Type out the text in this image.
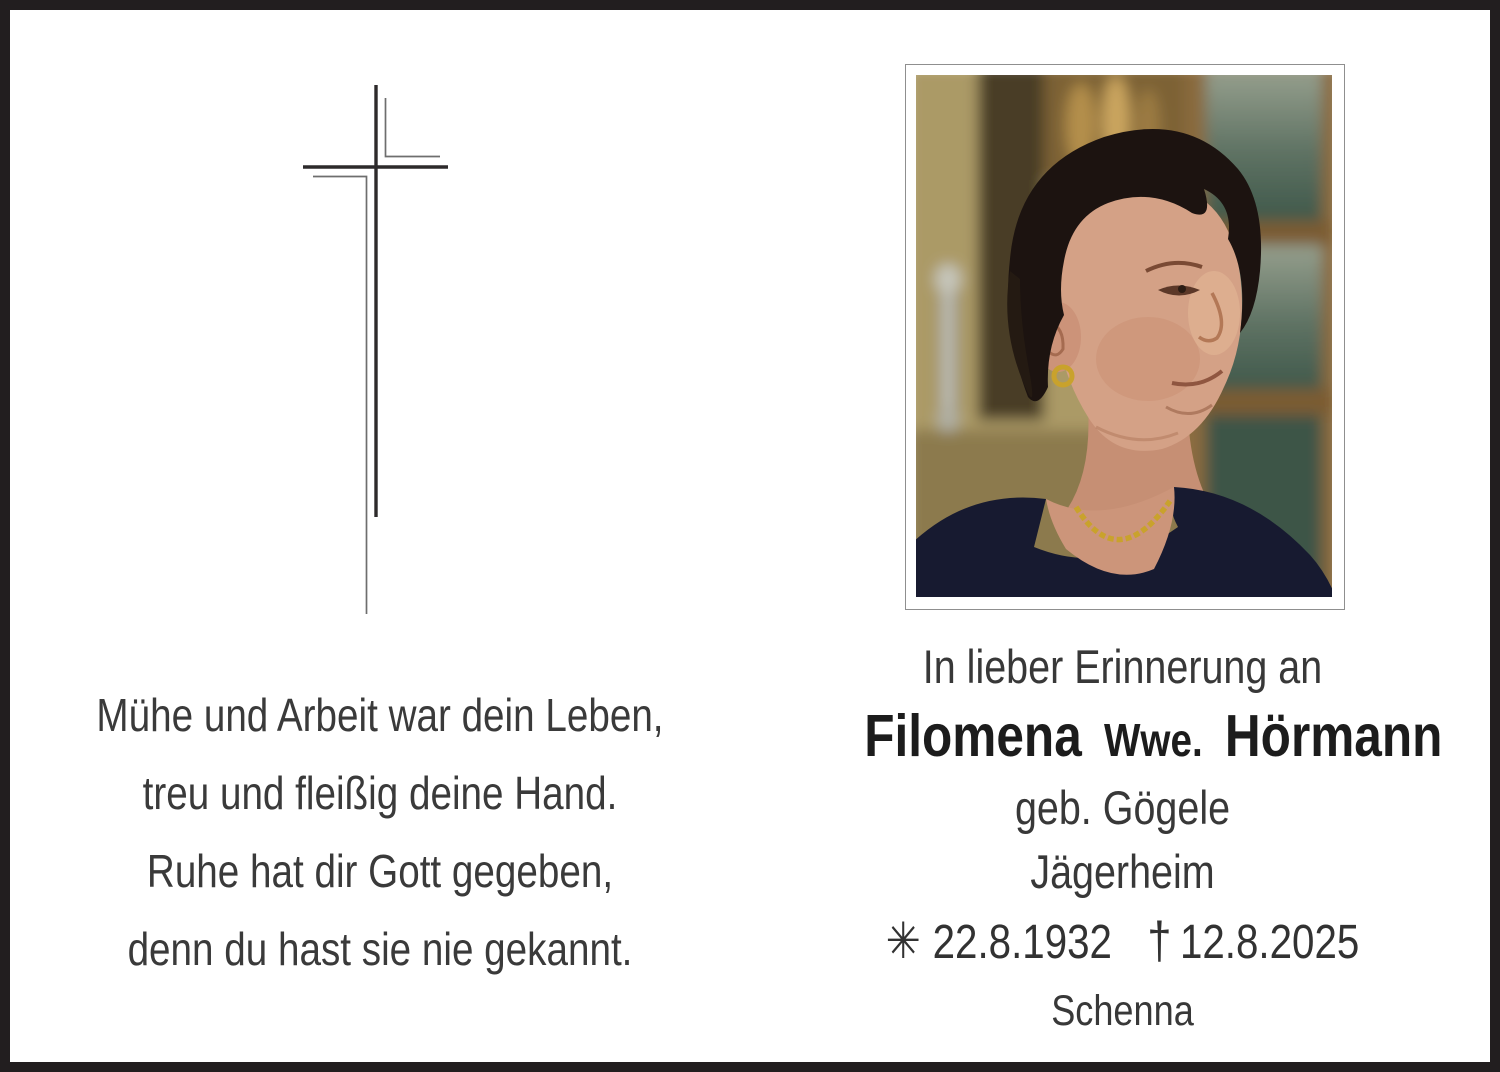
Mühe und Arbeit war dein Leben,
treu und fleißig deine Hand.
Ruhe hat dir Gott gegeben,
denn du hast sie nie gekannt.
In lieber Erinnerung an
Filomena Wwe. Hörmann
geb. Gögele
Jägerheim
✳ 22.8.1932 † 12.8.2025
Schenna
